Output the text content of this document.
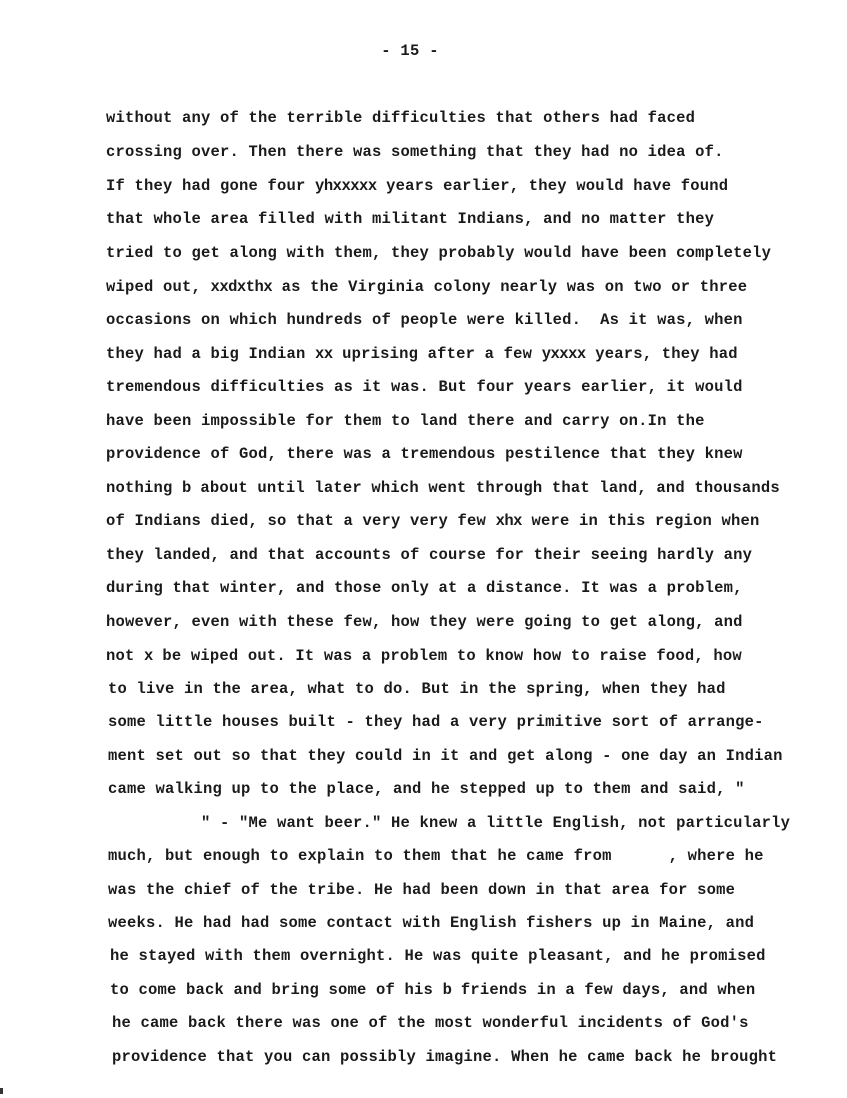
- 15 -
without any of the terrible difficulties that others had faced
crossing over. Then there was something that they had no idea of.
If they had gone four yhxxxxx years earlier, they would have found
that whole area filled with militant Indians, and no matter they
tried to get along with them, they probably would have been completely
wiped out, xxdxthx as the Virginia colony nearly was on two or three
occasions on which hundreds of people were killed.  As it was, when
they had a big Indian xx uprising after a few yxxxx years, they had
tremendous difficulties as it was. But four years earlier, it would
have been impossible for them to land there and carry on.In the
providence of God, there was a tremendous pestilence that they knew
nothing b about until later which went through that land, and thousands
of Indians died, so that a very very few xhx were in this region when
they landed, and that accounts of course for their seeing hardly any
during that winter, and those only at a distance. It was a problem,
however, even with these few, how they were going to get along, and
not x be wiped out. It was a problem to know how to raise food, how
to live in the area, what to do. But in the spring, when they had
some little houses built - they had a very primitive sort of arrange-
ment set out so that they could in it and get along - one day an Indian
came walking up to the place, and he stepped up to them and said, "
" - "Me want beer." He knew a little English, not particularly
much, but enough to explain to them that he came from      , where he
was the chief of the tribe. He had been down in that area for some
weeks. He had had some contact with English fishers up in Maine, and
he stayed with them overnight. He was quite pleasant, and he promised
to come back and bring some of his b friends in a few days, and when
he came back there was one of the most wonderful incidents of God's
providence that you can possibly imagine. When he came back he brought
